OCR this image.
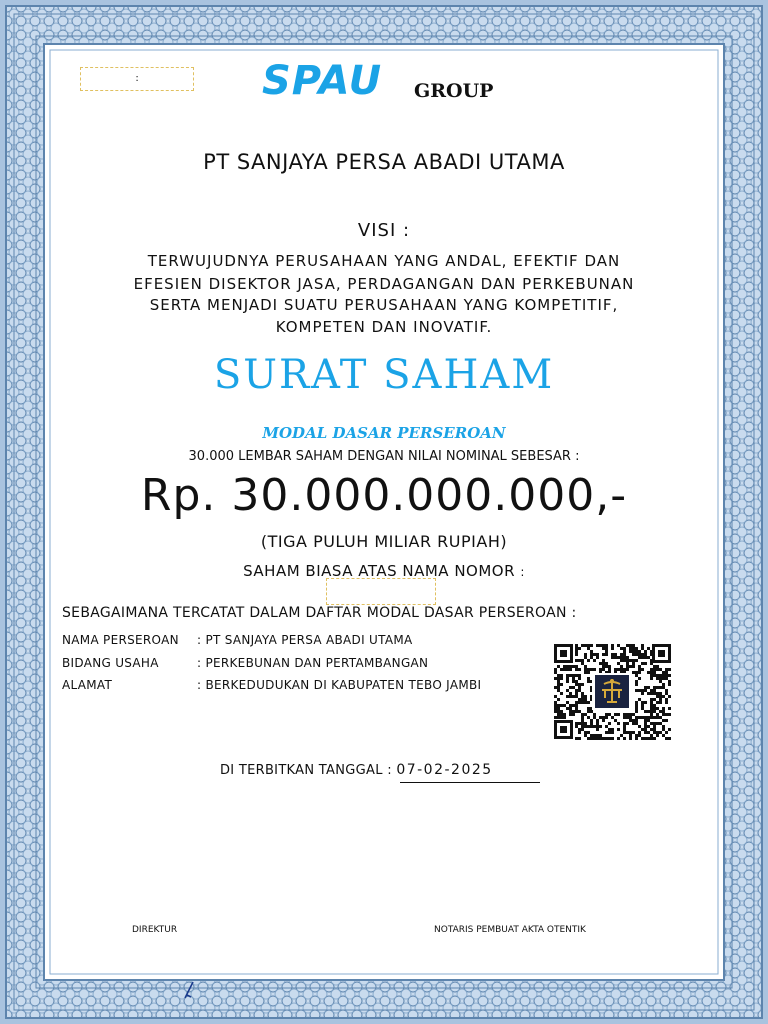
:	SPAU GROUP
PT SANJAYA PERSA ABADI UTAMA
VISI :
TERWUJUDNYA PERUSAHAAN YANG ANDAL, EFEKTIF DAN
EFESIEN DISEKTOR JASA, PERDAGANGAN DAN PERKEBUNAN
SERTA MENJADI SUATU PERUSAHAAN YANG KOMPETITIF,
KOMPETEN DAN INOVATIF.
SURAT SAHAM
MODAL DASAR PERSEROAN
30.000 LEMBAR SAHAM DENGAN NILAI NOMINAL SEBESAR :
Rp. 30.000.000.000,-
(TIGA PULUH MILIAR RUPIAH)
SAHAM BIASA ATAS NAMA NOMOR :
SEBAGAIMANA TERCATAT DALAM DAFTAR MODAL DASAR PERSEROAN :
NAMA PERSEROAN : PT SANJAYA PERSA ABADI UTAMA
BIDANG USAHA	: PERKEBUNAN DAN PERTAMBANGAN
ALAMAT	: BERKEDUDUKAN DI KABUPATEN TEBO JAMBI
DI TERBITKAN TANGGAL : 07-02-2025
DIREKTUR	NOTARIS PEMBUAT AKTA OTENTIK
